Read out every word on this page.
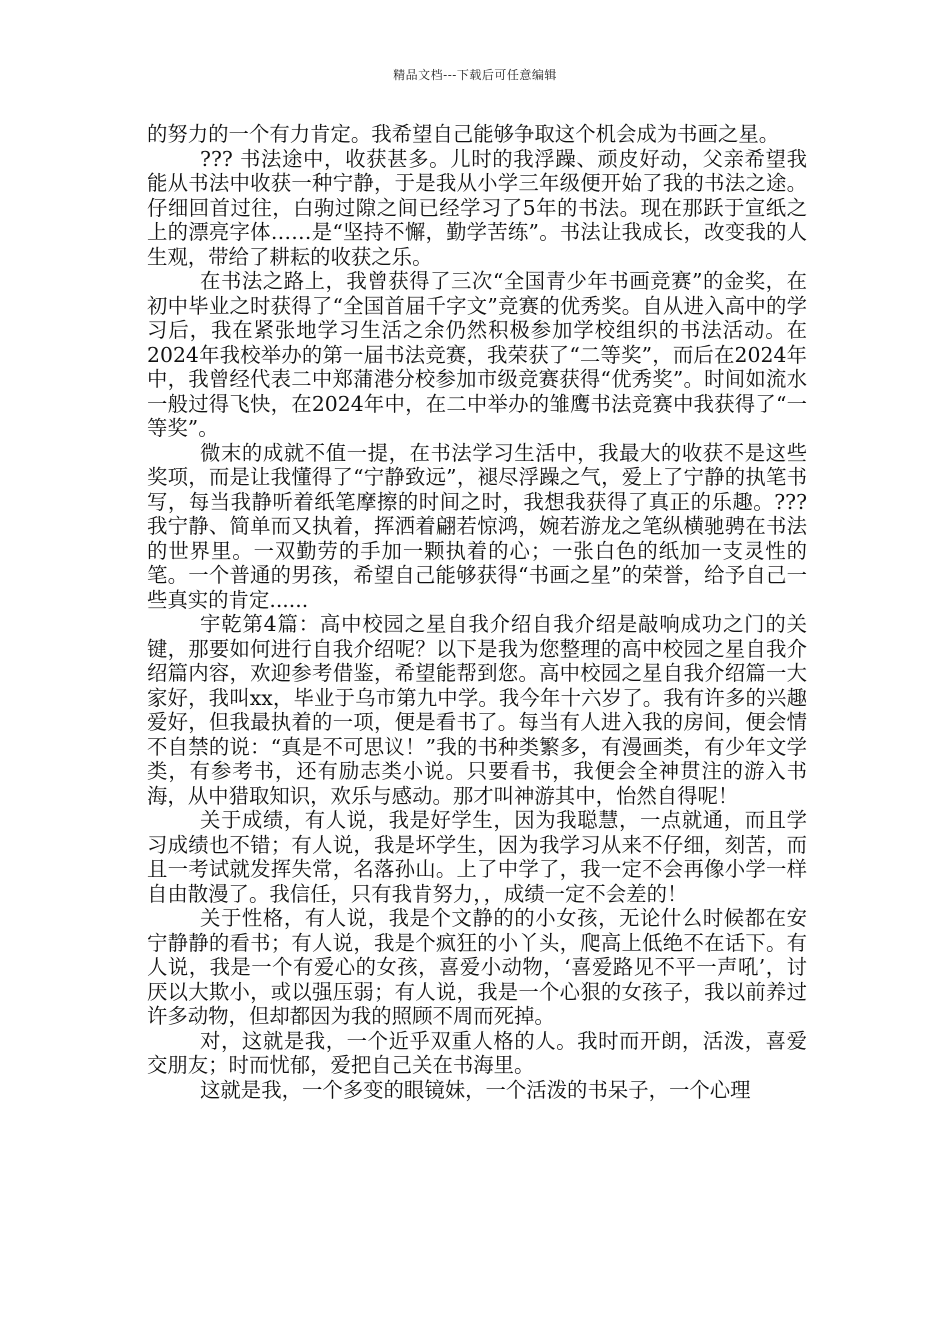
精品文档---下载后可任意编辑

的努力的一个有力肯定。我希望自己能够争取这个机会成为书画之星。

??? 书法途中，收获甚多。儿时的我浮躁、顽皮好动，父亲希望我能从书法中收获一种宁静，于是我从小学三年级便开始了我的书法之途。仔细回首过往，白驹过隙之间已经学习了5年的书法。现在那跃于宣纸之上的漂亮字体……是“坚持不懈，勤学苦练”。书法让我成长，改变我的人生观，带给了耕耘的收获之乐。

在书法之路上，我曾获得了三次“全国青少年书画竞赛”的金奖，在初中毕业之时获得了“全国首届千字文”竞赛的优秀奖。自从进入高中的学习后，我在紧张地学习生活之余仍然积极参加学校组织的书法活动。在2024年我校举办的第一届书法竞赛，我荣获了“二等奖”，而后在2024年中，我曾经代表二中郑蒲港分校参加市级竞赛获得“优秀奖”。时间如流水一般过得飞快，在2024年中，在二中举办的雏鹰书法竞赛中我获得了“一等奖”。

微末的成就不值一提，在书法学习生活中，我最大的收获不是这些奖项，而是让我懂得了“宁静致远”，褪尽浮躁之气，爱上了宁静的执笔书写，每当我静听着纸笔摩擦的时间之时，我想我获得了真正的乐趣。??? 我宁静、简单而又执着，挥洒着翩若惊鸿，婉若游龙之笔纵横驰骋在书法的世界里。一双勤劳的手加一颗执着的心；一张白色的纸加一支灵性的笔。一个普通的男孩，希望自己能够获得“书画之星”的荣誉，给予自己一些真实的肯定......

宇乾第4篇：高中校园之星自我介绍自我介绍是敲响成功之门的关键，那要如何进行自我介绍呢？以下是我为您整理的高中校园之星自我介绍篇内容，欢迎参考借鉴，希望能帮到您。高中校园之星自我介绍篇一大家好，我叫xx，毕业于乌市第九中学。我今年十六岁了。我有许多的兴趣爱好，但我最执着的一项，便是看书了。每当有人进入我的房间，便会情不自禁的说：“真是不可思议！”我的书种类繁多，有漫画类，有少年文学类，有参考书，还有励志类小说。只要看书，我便会全神贯注的游入书海，从中猎取知识，欢乐与感动。那才叫神游其中，怡然自得呢！

关于成绩，有人说，我是好学生，因为我聪慧，一点就通，而且学习成绩也不错；有人说，我是坏学生，因为我学习从来不仔细，刻苦，而且一考试就发挥失常，名落孙山。上了中学了，我一定不会再像小学一样自由散漫了。我信任，只有我肯努力，，成绩一定不会差的！

关于性格，有人说，我是个文静的的小女孩，无论什么时候都在安宁静静的看书；有人说，我是个疯狂的小丫头，爬高上低绝不在话下。有人说，我是一个有爱心的女孩，喜爱小动物，‘喜爱路见不平一声吼’，讨厌以大欺小，或以强压弱；有人说，我是一个心狠的女孩子，我以前养过许多动物，但却都因为我的照顾不周而死掉。

对，这就是我，一个近乎双重人格的人。我时而开朗，活泼，喜爱交朋友；时而忧郁，爱把自己关在书海里。

这就是我，一个多变的眼镜妹，一个活泼的书呆子，一个心理
